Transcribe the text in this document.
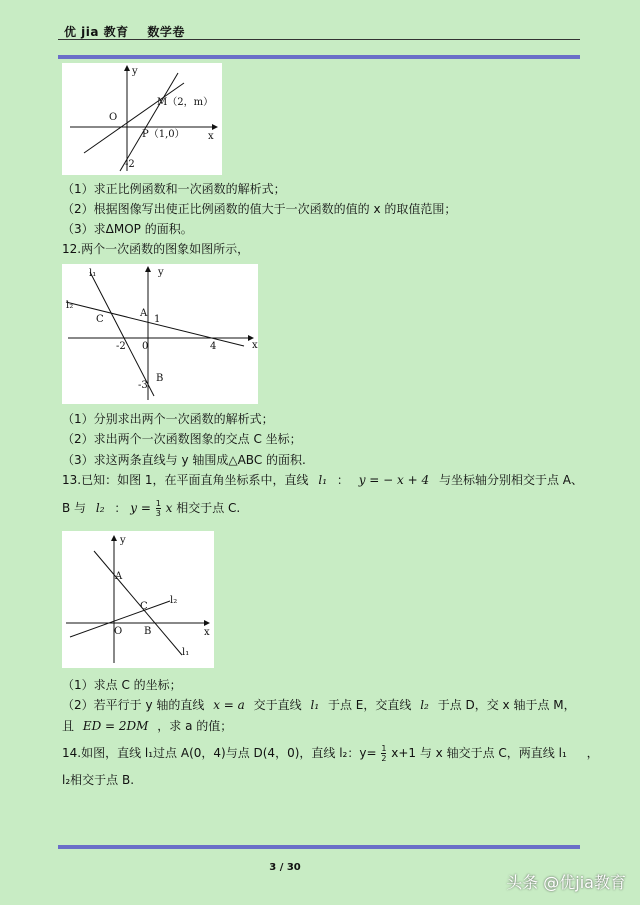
优 jia 教育 数学卷
y
x
O
M（2，m）
P（1,0）
-2
（1）求正比例函数和一次函数的解析式；
（2）根据图像写出使正比例函数的值大于一次函数的值的 x 的取值范围；
（3）求ΔMOP 的面积。
12.两个一次函数的图象如图所示，
l₁
l₂
y
x
C
A
1
-2 0	4
-3
B
（1）分别求出两个一次函数的解析式；
（2）求出两个一次函数图象的交点 C 坐标；
（3）求这两条直线与 y 轴围成△ABC 的面积.
13.已知：如图 1，在平面直角坐标系中，直线 l₁ ： y = − x + 4 与坐标轴分别相交于点 A、
B 与 l₂ ： $y = \frac{1}{3}$ x 相交于点 C.
y
x
A
C
l₂
O B
l₁
（1）求点 C 的坐标；
（2）若平行于 y 轴的直线 x = a 交于直线 l₁ 于点 E，交直线 l₂ 于点 D，交 x 轴于点 M，
且 ED = 2DM ，求 a 的值；
14.如图，直线 l₁过点 A(0，4)与点 D(4，0)，直线 l₂：$y= \frac{1}{2} x+1$ 与 x 轴交于点 C，两直线 l₁ ，
l₂相交于点 B.
3 / 30
头条 @优jia教育
